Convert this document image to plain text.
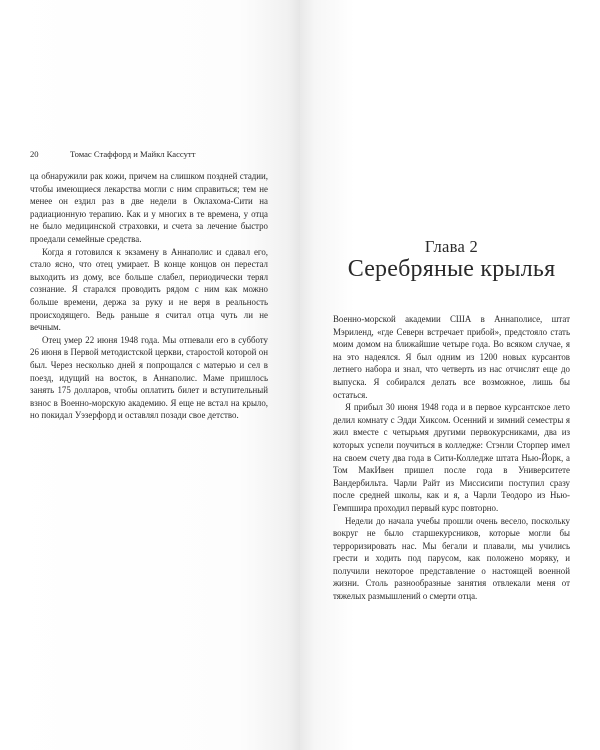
20	Томас Стаффорд и Майкл Кассутт

ца обнаружили рак кожи, причем на слишком поздней стадии, чтобы имеющиеся лекарства могли с ним справиться; тем не менее он ездил раз в две недели в Оклахома-Сити на радиационную терапию. Как и у многих в те времена, у отца не было медицинской страховки, и счета за лечение быстро проедали семейные средства.

Когда я готовился к экзамену в Аннаполис и сдавал его, стало ясно, что отец умирает. В конце концов он перестал выходить из дому, все больше слабел, периодически терял сознание. Я старался проводить рядом с ним как можно больше времени, держа за руку и не веря в реальность происходящего. Ведь раньше я считал отца чуть ли не вечным.

Отец умер 22 июня 1948 года. Мы отпевали его в субботу 26 июня в Первой методистской церкви, старостой которой он был. Через несколько дней я попрощался с матерью и сел в поезд, идущий на восток, в Аннаполис. Маме пришлось занять 175 долларов, чтобы оплатить билет и вступительный взнос в Военно-морскую академию. Я еще не встал на крыло, но покидал Уэзерфорд и оставлял позади свое детство.

Глава 2
Серебряные крылья

Военно-морской академии США в Аннаполисе, штат Мэриленд, «где Северн встречает прибой», предстояло стать моим домом на ближайшие четыре года. Во всяком случае, я на это надеялся. Я был одним из 1200 новых курсантов летнего набора и знал, что четверть из нас отчислят еще до выпуска. Я собирался делать все возможное, лишь бы остаться.

Я прибыл 30 июня 1948 года и в первое курсантское лето делил комнату с Эдди Хиксом. Осенний и зимний семестры я жил вместе с четырьмя другими первокурсниками, два из которых успели поучиться в колледже: Стэнли Сторпер имел на своем счету два года в Сити-Колледже штата Нью-Йорк, а Том МакИвен пришел после года в Университете Вандербильта. Чарли Райт из Миссисипи поступил сразу после средней школы, как и я, а Чарли Теодоро из Нью-Гемпшира проходил первый курс повторно.

Недели до начала учебы прошли очень весело, поскольку вокруг не было старшекурсников, которые могли бы терроризировать нас. Мы бегали и плавали, мы учились грести и ходить под парусом, как положено моряку, и получили некоторое представление о настоящей военной жизни. Столь разнообразные занятия отвлекали меня от тяжелых размышлений о смерти отца.
